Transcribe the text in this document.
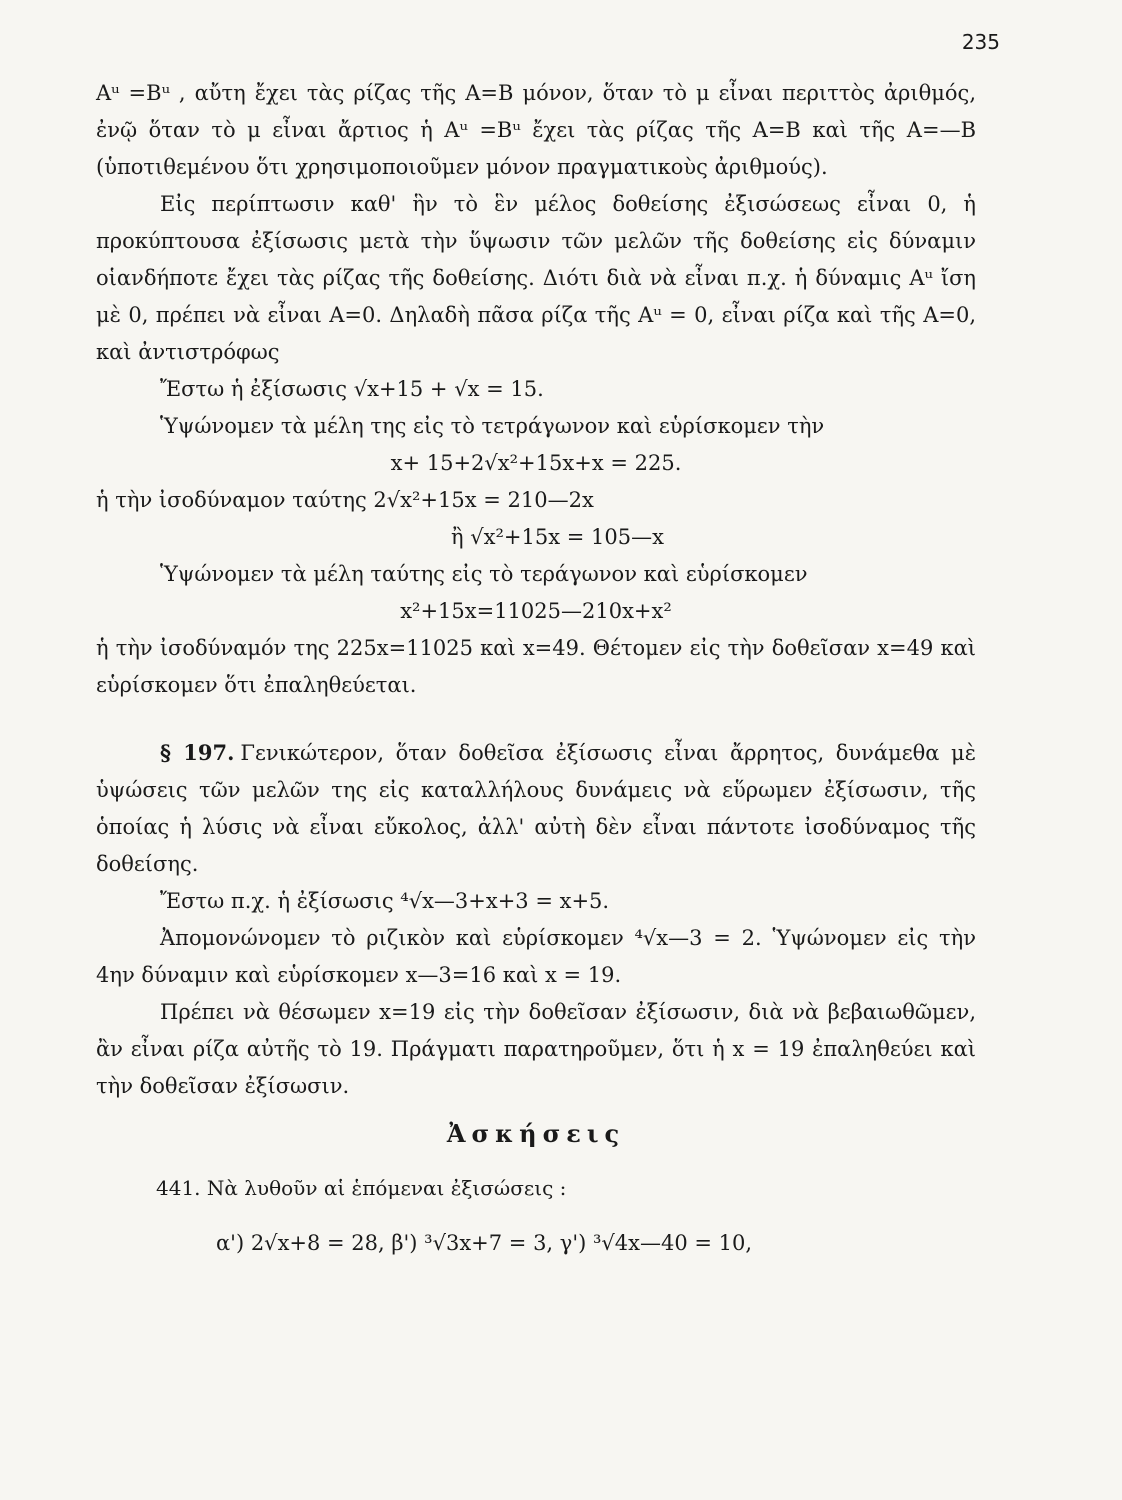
235

Aᵘ =Bᵘ , αὔτη ἔχει τὰς ρίζας τῆς A=B μόνον, ὅταν τὸ μ εἶναι περιττὸς ἀριθμός, ἐνῷ ὅταν τὸ μ εἶναι ἄρτιος ἡ Aᵘ =Bᵘ ἔχει τὰς ρίζας τῆς A=B καὶ τῆς A=—B (ὑποτιθεμένου ὅτι χρησιμοποιοῦμεν μόνον πραγματικοὺς ἀριθμούς).

Εἰς περίπτωσιν καθ' ἣν τὸ ἓν μέλος δοθείσης ἐξισώσεως εἶναι 0, ἡ προκύπτουσα ἐξίσωσις μετὰ τὴν ὕψωσιν τῶν μελῶν τῆς δοθείσης εἰς δύναμιν οἱανδήποτε ἔχει τὰς ρίζας τῆς δοθείσης. Διότι διὰ νὰ εἶναι π.χ. ἡ δύναμις Aᵘ ἴση μὲ 0, πρέπει νὰ εἶναι A=0. Δηλαδὴ πᾶσα ρίζα τῆς Aᵘ = 0, εἶναι ρίζα καὶ τῆς A=0, καὶ ἀντιστρόφως

Ἔστω ἡ ἐξίσωσις √x+15 + √x = 15.

Ὑψώνομεν τὰ μέλη της εἰς τὸ τετράγωνον καὶ εὑρίσκομεν τὴν

x+ 15+2√x²+15x+x = 225.

ἡ τὴν ἰσοδύναμον ταύτης 2√x²+15x = 210—2x

ἢ √x²+15x = 105—x

Ὑψώνομεν τὰ μέλη ταύτης εἰς τὸ τεράγωνον καὶ εὑρίσκομεν

x²+15x=11025—210x+x²

ἡ τὴν ἰσοδύναμόν της 225x=11025 καὶ x=49. Θέτομεν εἰς τὴν δοθεῖσαν x=49 καὶ εὑρίσκομεν ὅτι ἐπαληθεύεται.

§ 197. Γενικώτερον, ὅταν δοθεῖσα ἐξίσωσις εἶναι ἄρρητος, δυνάμεθα μὲ ὑψώσεις τῶν μελῶν της εἰς καταλλήλους δυνάμεις νὰ εὕρωμεν ἐξίσωσιν, τῆς ὁποίας ἡ λύσις νὰ εἶναι εὔκολος, ἀλλ' αὐτὴ δὲν εἶναι πάντοτε ἰσοδύναμος τῆς δοθείσης.

Ἔστω π.χ. ἡ ἐξίσωσις ⁴√x—3+x+3 = x+5.

Ἀπομονώνομεν τὸ ριζικὸν καὶ εὑρίσκομεν ⁴√x—3 = 2. Ὑψώνομεν εἰς τὴν 4ην δύναμιν καὶ εὑρίσκομεν x—3=16 καὶ x = 19.

Πρέπει νὰ θέσωμεν x=19 εἰς τὴν δοθεῖσαν ἐξίσωσιν, διὰ νὰ βεβαιωθῶμεν, ἂν εἶναι ρίζα αὐτῆς τὸ 19. Πράγματι παρατηροῦμεν, ὅτι ἡ x = 19 ἐπαληθεύει καὶ τὴν δοθεῖσαν ἐξίσωσιν.

Ἀσκήσεις

441. Νὰ λυθοῦν αἱ ἑπόμεναι ἐξισώσεις :

α') 2√x+8 = 28, β') ³√3x+7 = 3, γ') ³√4x—40 = 10,
